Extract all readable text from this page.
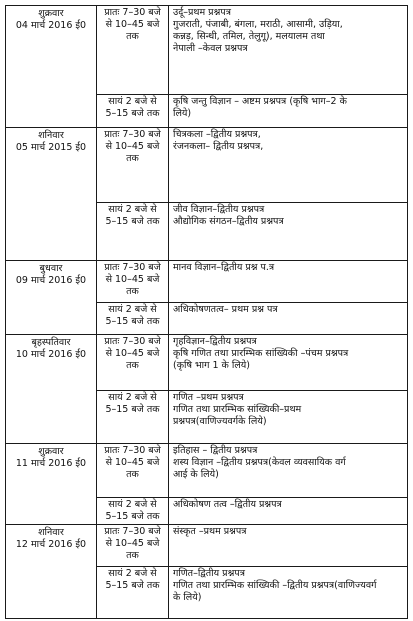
शुक्रवार
04 मार्च 2016 ई0	प्रातः 7–30 बजे
से 10–45 बजे
तक	उर्दू–प्रथम प्रश्नपत्र
गुजराती, पंजाबी, बंगला, मराठी, आसामी, उड़िया,
कन्नड़, सिन्धी, तमिल, तेलुगू), मलयालम तथा
नेपाली –केवल प्रश्नपत्र

	सायं 2 बजे से
5–15 बजे तक	कृषि जन्तु विज्ञान – अष्टम प्रश्नपत्र (कृषि भाग–2 के
लिये)

शनिवार
05 मार्च 2015 ई0	प्रातः 7–30 बजे
से 10–45 बजे
तक	चित्रकला –द्वितीय प्रश्नपत्र,
रंजनकला– द्वितीय प्रश्नपत्र,

	सायं 2 बजे से
5–15 बजे तक	जीव विज्ञान–द्वितीय प्रश्नपत्र
औद्योगिक संगठन–द्वितीय प्रश्नपत्र

बुधवार
09 मार्च 2016 ई0	प्रातः 7–30 बजे
से 10–45 बजे
तक	मानव विज्ञान–द्वितीय प्रश्न प.त्र

	सायं 2 बजे से
5–15 बजे तक	अधिकोषणतत्व– प्रथम प्रश्न पत्र

बृहस्पतिवार
10 मार्च 2016 ई0	प्रातः 7–30 बजे
से 10–45 बजे
तक	गृहविज्ञान–द्वितीय प्रश्नपत्र
कृषि गणित तथा प्रारम्भिक सांख्यिकी –पंचम प्रश्नपत्र
(कृषि भाग 1 के लिये)

	सायं 2 बजे से
5–15 बजे तक	गणित –प्रथम प्रश्नपत्र
गणित तथा प्रारम्भिक सांख्यिकी–प्रथम
प्रश्नपत्र(वाणिज्यवर्गके लिये)

शुक्रवार
11 मार्च 2016 ई0	प्रातः 7–30 बजे
से 10–45 बजे
तक	इतिहास – द्वितीय प्रश्नपत्र
शस्य विज्ञान –द्वितीय प्रश्नपत्र(केवल व्यवसायिक वर्ग
आई के लिये)

	सायं 2 बजे से
5–15 बजे तक	अधिकोषण तत्व –द्वितीय प्रश्नपत्र

शनिवार
12 मार्च 2016 ई0	प्रातः 7–30 बजे
से 10–45 बजे
तक	संस्कृत –प्रथम प्रश्नपत्र

	सायं 2 बजे से
5–15 बजे तक	गणित–द्वितीय प्रश्नपत्र
गणित तथा प्रारम्भिक सांख्यिकी –द्वितीय प्रश्नपत्र(वाणिज्यवर्ग
के लिये)
